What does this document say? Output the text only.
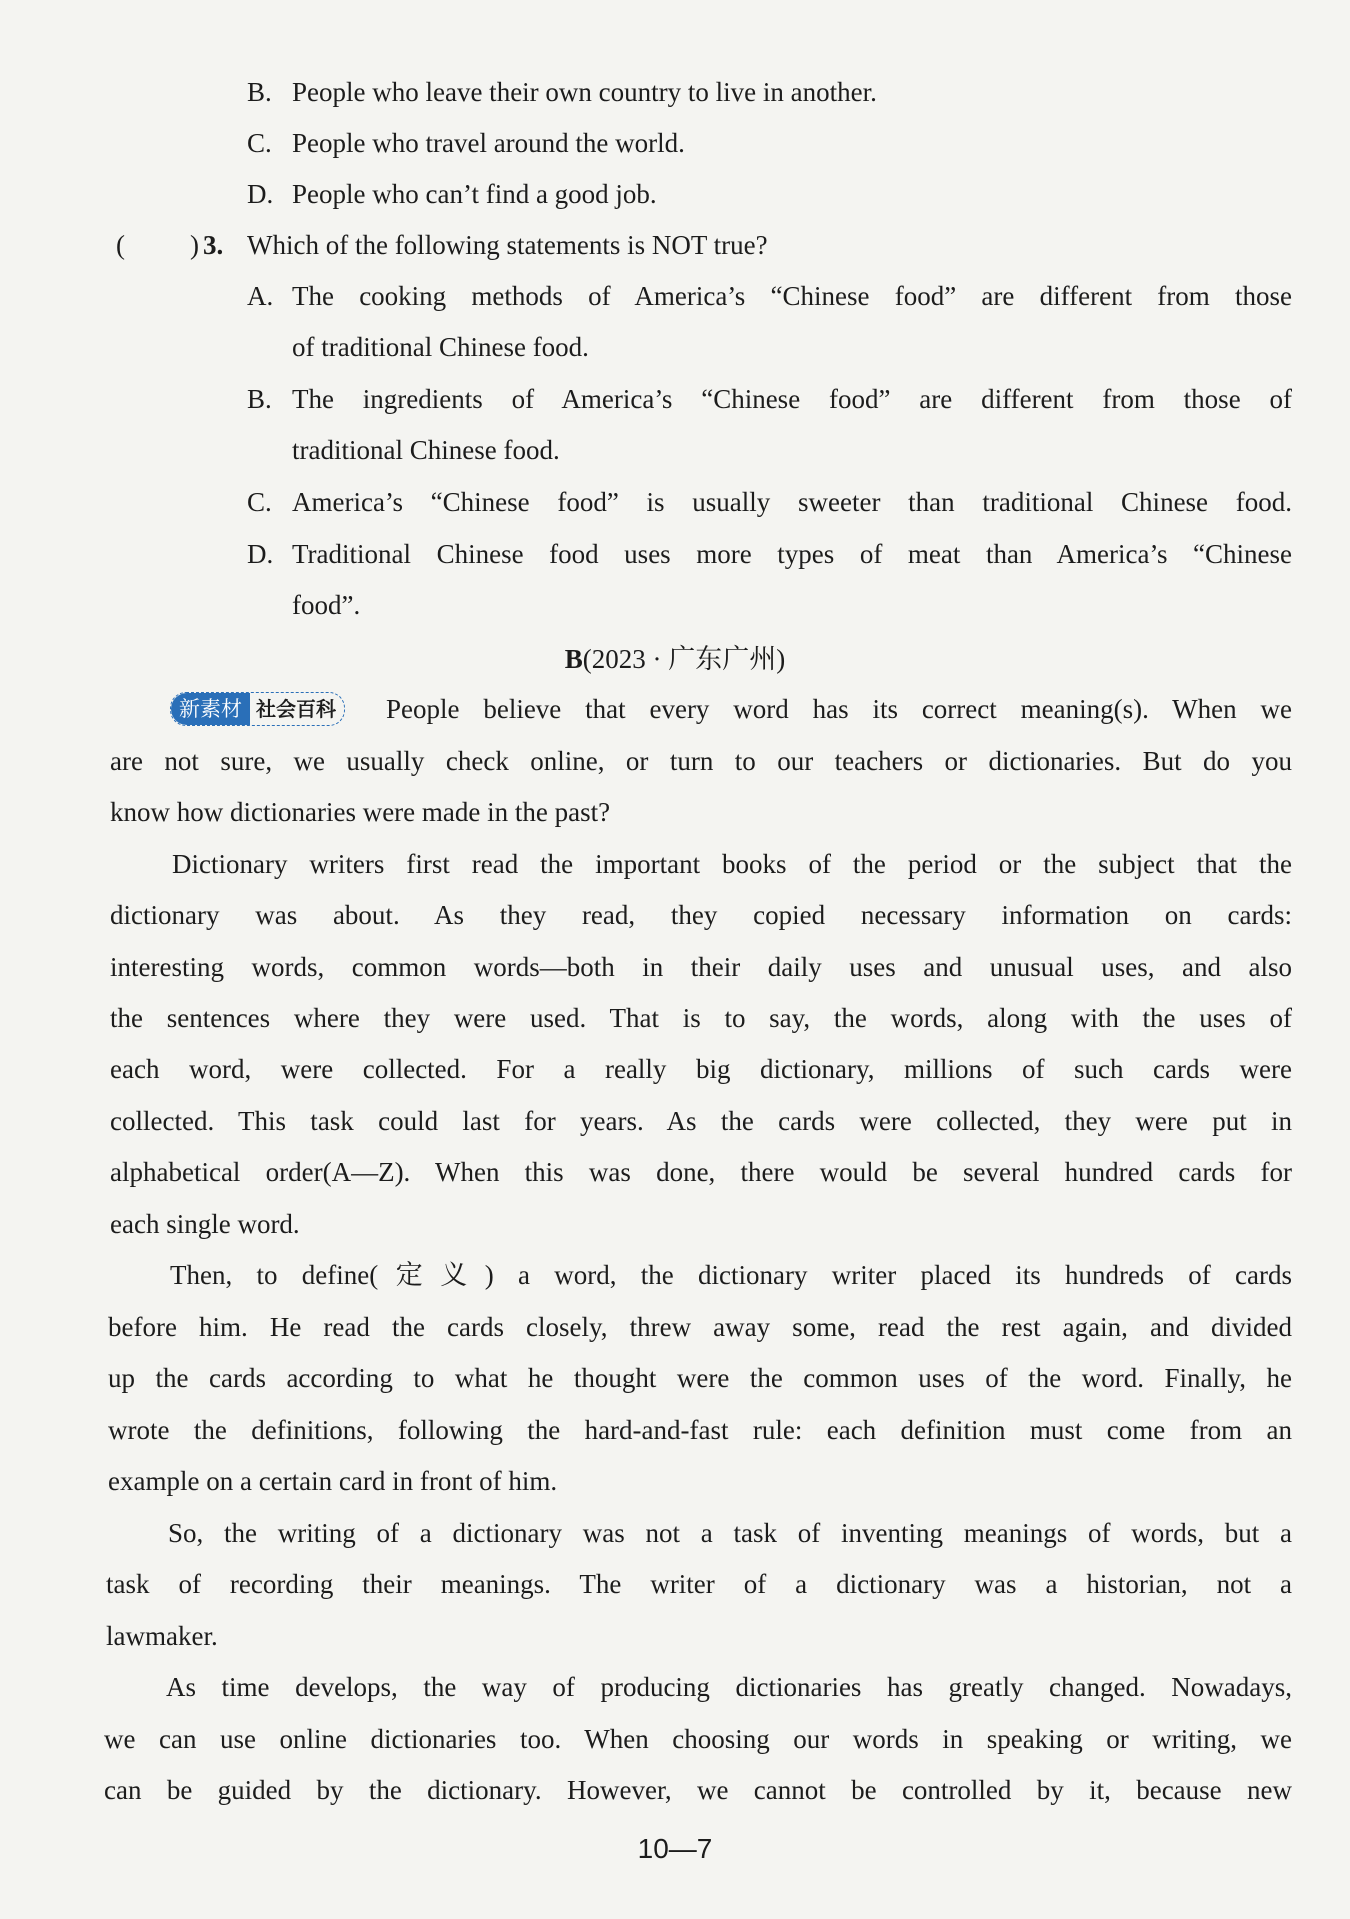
B. People who leave their own country to live in another.
C. People who travel around the world.
D. People who can’t find a good job.
( ) 3. Which of the following statements is NOT true?
A. The cooking methods of America’s “Chinese food” are different from those
of traditional Chinese food.
B. The ingredients of America’s “Chinese food” are different from those of
traditional Chinese food.
C. America’s “Chinese food” is usually sweeter than traditional Chinese food.
D. Traditional Chinese food uses more types of meat than America’s “Chinese
food”.
B(2023 · 广东广州)
新素材 社会百科 People believe that every word has its correct meaning(s). When we
are not sure, we usually check online, or turn to our teachers or dictionaries. But do you
know how dictionaries were made in the past?
Dictionary writers first read the important books of the period or the subject that the
dictionary was about. As they read, they copied necessary information on cards:
interesting words, common words—both in their daily uses and unusual uses, and also
the sentences where they were used. That is to say, the words, along with the uses of
each word, were collected. For a really big dictionary, millions of such cards were
collected. This task could last for years. As the cards were collected, they were put in
alphabetical order(A—Z). When this was done, there would be several hundred cards for
each single word.
Then, to define(定义) a word, the dictionary writer placed its hundreds of cards
before him. He read the cards closely, threw away some, read the rest again, and divided
up the cards according to what he thought were the common uses of the word. Finally, he
wrote the definitions, following the hard-and-fast rule: each definition must come from an
example on a certain card in front of him.
So, the writing of a dictionary was not a task of inventing meanings of words, but a
task of recording their meanings. The writer of a dictionary was a historian, not a
lawmaker.
As time develops, the way of producing dictionaries has greatly changed. Nowadays,
we can use online dictionaries too. When choosing our words in speaking or writing, we
can be guided by the dictionary. However, we cannot be controlled by it, because new
10—7
